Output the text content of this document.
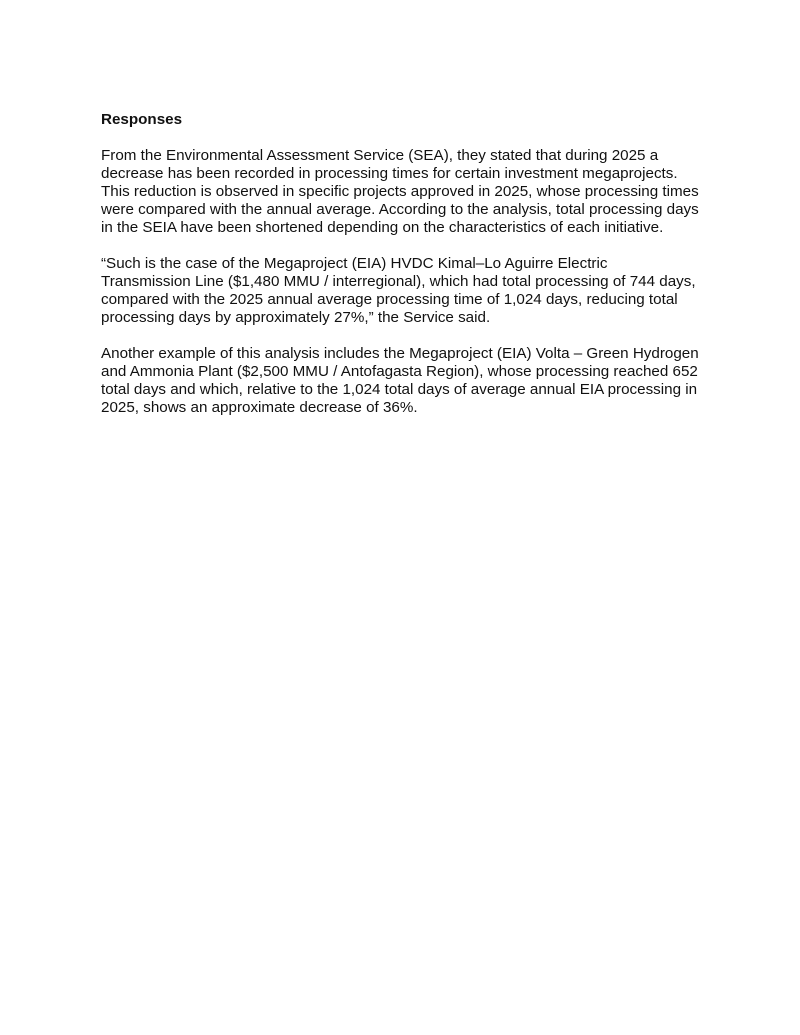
Responses

From the Environmental Assessment Service (SEA), they stated that during 2025 a decrease has been recorded in processing times for certain investment megaprojects. This reduction is observed in specific projects approved in 2025, whose processing times were compared with the annual average. According to the analysis, total processing days in the SEIA have been shortened depending on the characteristics of each initiative.

“Such is the case of the Megaproject (EIA) HVDC Kimal–Lo Aguirre Electric Transmission Line ($1,480 MMU / interregional), which had total processing of 744 days, compared with the 2025 annual average processing time of 1,024 days, reducing total processing days by approximately 27%,” the Service said.

Another example of this analysis includes the Megaproject (EIA) Volta – Green Hydrogen and Ammonia Plant ($2,500 MMU / Antofagasta Region), whose processing reached 652 total days and which, relative to the 1,024 total days of average annual EIA processing in 2025, shows an approximate decrease of 36%.
